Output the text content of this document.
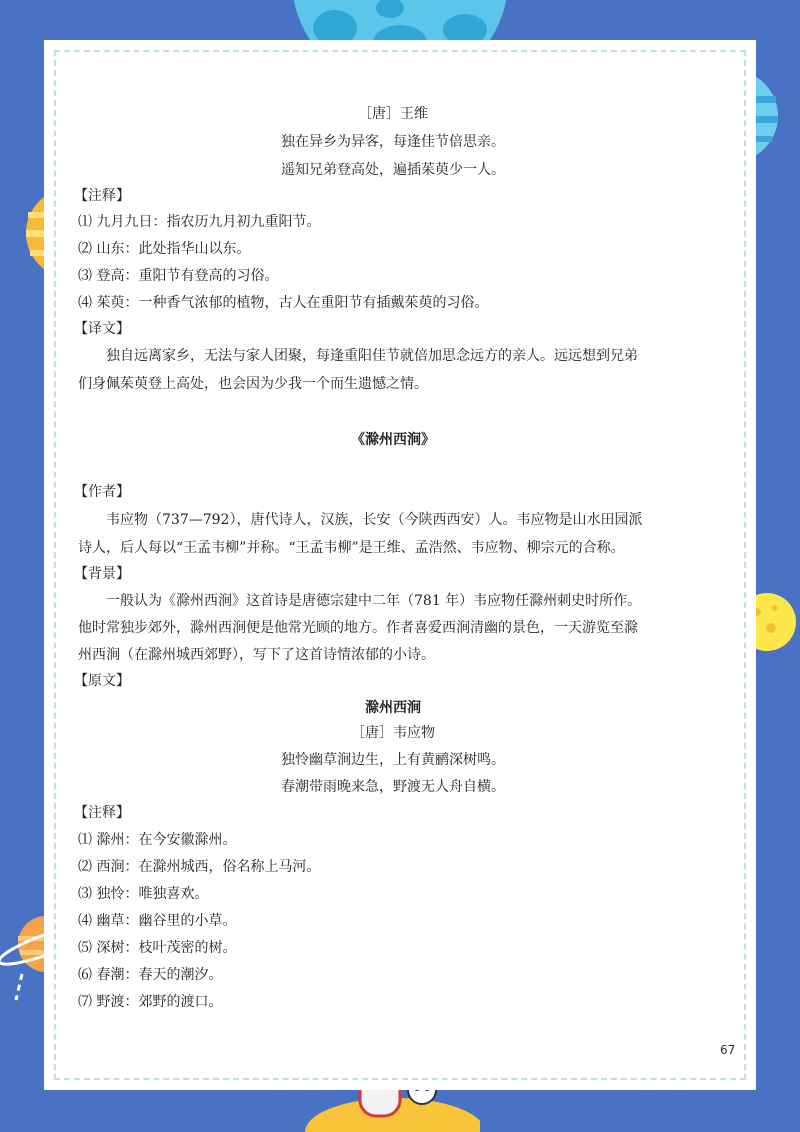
67
［唐］王维
独在异乡为异客，每逢佳节倍思亲。
遥知兄弟登高处，遍插茱萸少一人。
【注释】
⑴ 九月九日：指农历九月初九重阳节。
⑵ 山东：此处指华山以东。
⑶ 登高：重阳节有登高的习俗。
⑷ 茱萸：一种香气浓郁的植物，古人在重阳节有插戴茱萸的习俗。
【译文】
独自远离家乡，无法与家人团聚，每逢重阳佳节就倍加思念远方的亲人。远远想到兄弟
们身佩茱萸登上高处，也会因为少我一个而生遗憾之情。
《滁州西涧》
【作者】
韦应物（737—792），唐代诗人，汉族，长安（今陕西西安）人。韦应物是山水田园派
诗人，后人每以“王孟韦柳”并称。“王孟韦柳”是王维、孟浩然、韦应物、柳宗元的合称。
【背景】
一般认为《滁州西涧》这首诗是唐德宗建中二年（781 年）韦应物任滁州刺史时所作。
他时常独步郊外，滁州西涧便是他常光顾的地方。作者喜爱西涧清幽的景色，一天游览至滁
州西涧（在滁州城西郊野），写下了这首诗情浓郁的小诗。
【原文】
滁州西涧
［唐］韦应物
独怜幽草涧边生，上有黄鹂深树鸣。
春潮带雨晚来急，野渡无人舟自横。
【注释】
⑴ 滁州：在今安徽滁州。
⑵ 西涧：在滁州城西，俗名称上马河。
⑶ 独怜：唯独喜欢。
⑷ 幽草：幽谷里的小草。
⑸ 深树：枝叶茂密的树。
⑹ 春潮：春天的潮汐。
⑺ 野渡：郊野的渡口。
